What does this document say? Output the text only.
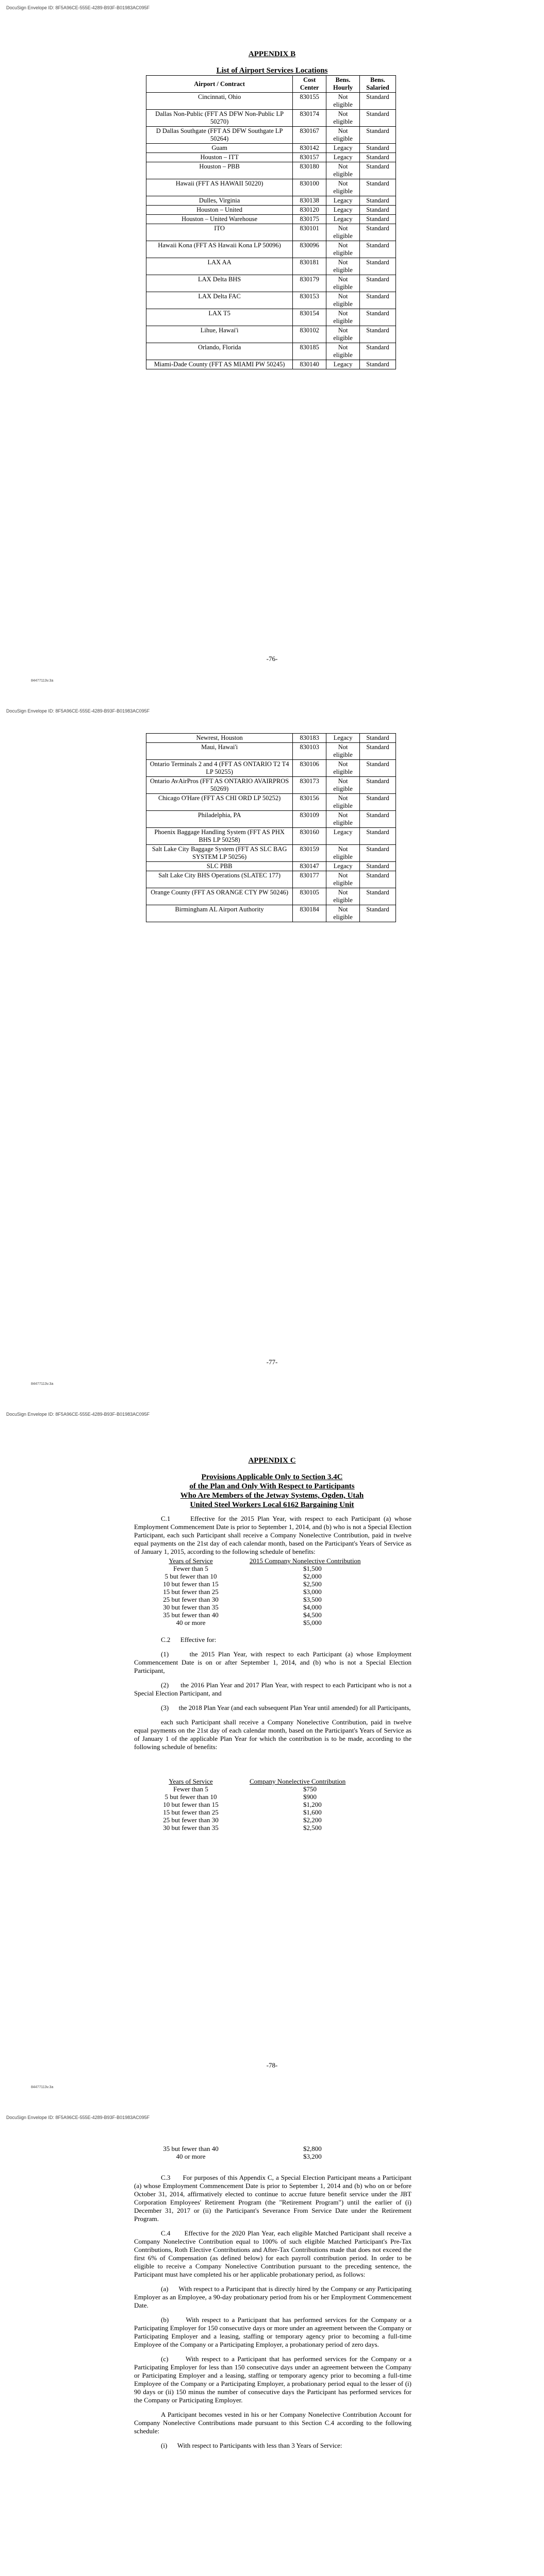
DocuSign Envelope ID: 8F5A96CE-555E-4289-B93F-B01983AC095F

APPENDIX B

List of Airport Services Locations

Airport / Contract	Cost Center	Bens. Hourly	Bens. Salaried
Cincinnati, Ohio	830155	Not eligible	Standard
Dallas Non-Public (FFT AS DFW Non-Public LP 50270)	830174	Not eligible	Standard
D Dallas Southgate (FFT AS DFW Southgate LP 50264)	830167	Not eligible	Standard
Guam	830142	Legacy	Standard
Houston – ITT	830157	Legacy	Standard
Houston – PBB	830180	Not eligible	Standard
Hawaii (FFT AS HAWAII 50220)	830100	Not eligible	Standard
Dulles, Virginia	830138	Legacy	Standard
Houston – United	830120	Legacy	Standard
Houston – United Warehouse	830175	Legacy	Standard
ITO	830101	Not eligible	Standard
Hawaii Kona (FFT AS Hawaii Kona LP 50096)	830096	Not eligible	Standard
LAX AA	830181	Not eligible	Standard
LAX Delta BHS	830179	Not eligible	Standard
LAX Delta FAC	830153	Not eligible	Standard
LAX T5	830154	Not eligible	Standard
Lihue, Hawai'i	830102	Not eligible	Standard
Orlando, Florida	830185	Not eligible	Standard
Miami-Dade County (FFT AS MIAMI PW 50245)	830140	Legacy	Standard
-76-
84477113v.3a
DocuSign Envelope ID: 8F5A96CE-555E-4289-B93F-B01983AC095F
Newrest, Houston	830183	Legacy	Standard
Maui, Hawai'i	830103	Not eligible	Standard
Ontario Terminals 2 and 4 (FFT AS ONTARIO T2 T4 LP 50255)	830106	Not eligible	Standard
Ontario AvAirPros (FFT AS ONTARIO AVAIRPROS 50269)	830173	Not eligible	Standard
Chicago O'Hare (FFT AS CHI ORD LP 50252)	830156	Not eligible	Standard
Philadelphia, PA	830109	Not eligible	Standard
Phoenix Baggage Handling System (FFT AS PHX BHS LP 50258)	830160	Legacy	Standard
Salt Lake City Baggage System (FFT AS SLC BAG SYSTEM LP 50256)	830159	Not eligible	Standard
SLC PBB	830147	Legacy	Standard
Salt Lake City BHS Operations (SLATEC 177)	830177	Not eligible	Standard
Orange County (FFT AS ORANGE CTY PW 50246)	830105	Not eligible	Standard
Birmingham AL Airport Authority	830184	Not eligible	Standard
-77-
84477113v.3a
DocuSign Envelope ID: 8F5A96CE-555E-4289-B93F-B01983AC095F

APPENDIX C

Provisions Applicable Only to Section 3.4C

of the Plan and Only With Respect to Participants

Who Are Members of the Jetway Systems, Ogden, Utah

United Steel Workers Local 6162 Bargaining Unit

C.1      Effective for the 2015 Plan Year, with respect to each Participant (a) whose Employment Commencement Date is prior to September 1, 2014, and (b) who is not a Special Election Participant, each such Participant shall receive a Company Nonelective Contribution, paid in twelve equal payments on the 21st day of each calendar month, based on the Participant's Years of Service as of January 1, 2015, according to the following schedule of benefits:

Years of Service	2015 Company Nonelective Contribution
Fewer than 5	$1,500
5 but fewer than 10	$2,000
10 but fewer than 15	$2,500
15 but fewer than 25	$3,000
25 but fewer than 30	$3,500
30 but fewer than 35	$4,000
35 but fewer than 40	$4,500
40 or more	$5,000

C.2      Effective for:

(1)      the 2015 Plan Year, with respect to each Participant (a) whose Employment Commencement Date is on or after September 1, 2014, and (b) who is not a Special Election Participant,

(2)      the 2016 Plan Year and 2017 Plan Year, with respect to each Participant who is not a Special Election Participant, and

(3)      the 2018 Plan Year (and each subsequent Plan Year until amended) for all Participants,

each such Participant shall receive a Company Nonelective Contribution, paid in twelve equal payments on the 21st day of each calendar month, based on the Participant's Years of Service as of January 1 of the applicable Plan Year for which the contribution is to be made, according to the following schedule of benefits:

Years of Service	Company Nonelective Contribution
Fewer than 5	$750
5 but fewer than 10	$900
10 but fewer than 15	$1,200
15 but fewer than 25	$1,600
25 but fewer than 30	$2,200
30 but fewer than 35	$2,500
-78-
84477113v.3a
DocuSign Envelope ID: 8F5A96CE-555E-4289-B93F-B01983AC095F
35 but fewer than 40	$2,800
40 or more	$3,200

C.3      For purposes of this Appendix C, a Special Election Participant means a Participant (a) whose Employment Commencement Date is prior to September 1, 2014 and (b) who on or before October 31, 2014, affirmatively elected to continue to accrue future benefit service under the JBT Corporation Employees' Retirement Program (the "Retirement Program") until the earlier of (i) December 31, 2017 or (ii) the Participant's Severance From Service Date under the Retirement Program.

C.4      Effective for the 2020 Plan Year, each eligible Matched Participant shall receive a Company Nonelective Contribution equal to 100% of such eligible Matched Participant's Pre-Tax Contributions, Roth Elective Contributions and After-Tax Contributions made that does not exceed the first 6% of Compensation (as defined below) for each payroll contribution period. In order to be eligible to receive a Company Nonelective Contribution pursuant to the preceding sentence, the Participant must have completed his or her applicable probationary period, as follows:

(a)      With respect to a Participant that is directly hired by the Company or any Participating Employer as an Employee, a 90-day probationary period from his or her Employment Commencement Date.

(b)      With respect to a Participant that has performed services for the Company or a Participating Employer for 150 consecutive days or more under an agreement between the Company or Participating Employer and a leasing, staffing or temporary agency prior to becoming a full-time Employee of the Company or a Participating Employer, a probationary period of zero days.

(c)      With respect to a Participant that has performed services for the Company or a Participating Employer for less than 150 consecutive days under an agreement between the Company or Participating Employer and a leasing, staffing or temporary agency prior to becoming a full-time Employee of the Company or a Participating Employer, a probationary period equal to the lesser of (i) 90 days or (ii) 150 minus the number of consecutive days the Participant has performed services for the Company or Participating Employer.

A Participant becomes vested in his or her Company Nonelective Contribution Account for Company Nonelective Contributions made pursuant to this Section C.4 according to the following schedule:

(i)      With respect to Participants with less than 3 Years of Service:
